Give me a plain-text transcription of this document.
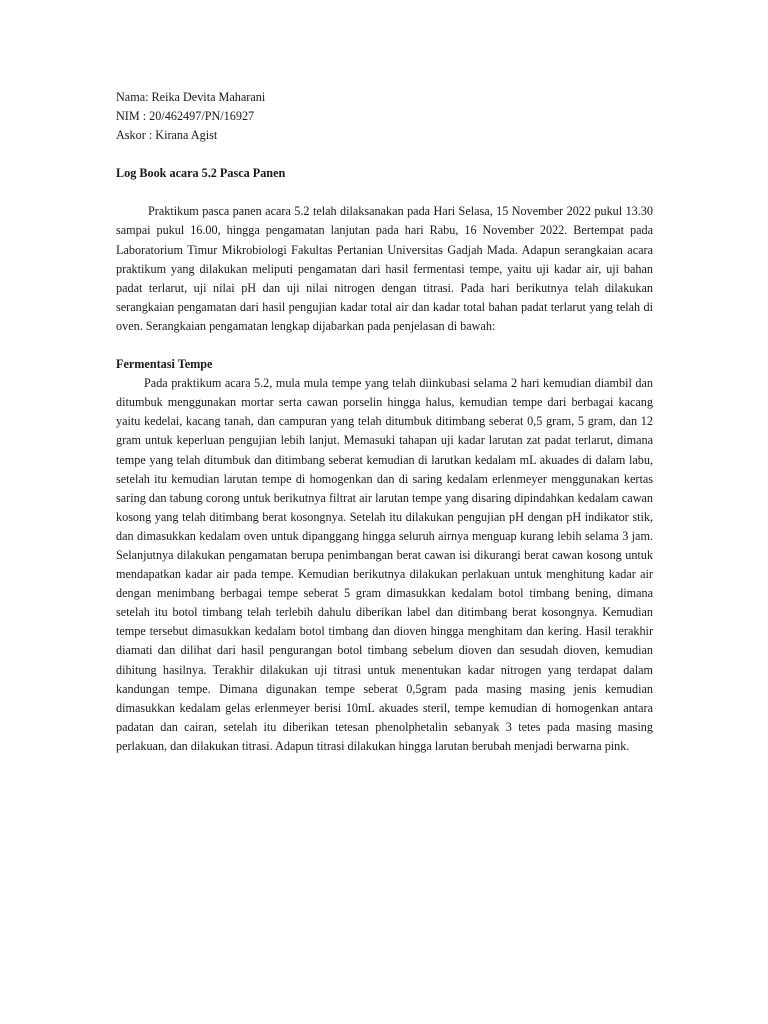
Nama: Reika Devita Maharani

NIM : 20/462497/PN/16927

Askor : Kirana Agist

Log Book acara 5.2 Pasca Panen

Praktikum pasca panen acara 5.2 telah dilaksanakan pada Hari Selasa, 15 November 2022 pukul 13.30 sampai pukul 16.00, hingga pengamatan lanjutan pada hari Rabu, 16 November 2022. Bertempat pada Laboratorium Timur Mikrobiologi Fakultas Pertanian Universitas Gadjah Mada. Adapun serangkaian acara praktikum yang dilakukan meliputi pengamatan dari hasil fermentasi tempe, yaitu uji kadar air, uji bahan padat terlarut, uji nilai pH dan uji nilai nitrogen dengan titrasi. Pada hari berikutnya telah dilakukan serangkaian pengamatan dari hasil pengujian kadar total air dan kadar total bahan padat terlarut yang telah di oven. Serangkaian pengamatan lengkap dijabarkan pada penjelasan di bawah:

Fermentasi Tempe

Pada praktikum acara 5.2, mula mula tempe yang telah diinkubasi selama 2 hari kemudian diambil dan ditumbuk menggunakan mortar serta cawan porselin hingga halus, kemudian tempe dari berbagai kacang yaitu kedelai, kacang tanah, dan campuran yang telah ditumbuk ditimbang seberat 0,5 gram, 5 gram, dan 12 gram untuk keperluan pengujian lebih lanjut. Memasuki tahapan uji kadar larutan zat padat terlarut, dimana tempe yang telah ditumbuk dan ditimbang seberat kemudian di larutkan kedalam mL akuades di dalam labu, setelah itu kemudian larutan tempe di homogenkan dan di saring kedalam erlenmeyer menggunakan kertas saring dan tabung corong untuk berikutnya filtrat air larutan tempe yang disaring dipindahkan kedalam cawan kosong yang telah ditimbang berat kosongnya. Setelah itu dilakukan pengujian pH dengan pH indikator stik, dan dimasukkan kedalam oven untuk dipanggang hingga seluruh airnya menguap kurang lebih selama 3 jam. Selanjutnya dilakukan pengamatan berupa penimbangan berat cawan isi dikurangi berat cawan kosong untuk mendapatkan kadar air pada tempe. Kemudian berikutnya dilakukan perlakuan untuk menghitung kadar air dengan menimbang berbagai tempe seberat 5 gram dimasukkan kedalam botol timbang bening, dimana setelah itu botol timbang telah terlebih dahulu diberikan label dan ditimbang berat kosongnya. Kemudian tempe tersebut dimasukkan kedalam botol timbang dan dioven hingga menghitam dan kering. Hasil terakhir diamati dan dilihat dari hasil pengurangan botol timbang sebelum dioven dan sesudah dioven, kemudian dihitung hasilnya. Terakhir dilakukan uji titrasi untuk menentukan kadar nitrogen yang terdapat dalam kandungan tempe. Dimana digunakan tempe seberat 0,5gram pada masing masing jenis kemudian dimasukkan kedalam gelas erlenmeyer berisi 10mL akuades steril, tempe kemudian di homogenkan antara padatan dan cairan, setelah itu diberikan tetesan phenolphetalin sebanyak 3 tetes pada masing masing perlakuan, dan dilakukan titrasi. Adapun titrasi dilakukan hingga larutan berubah menjadi berwarna pink.
